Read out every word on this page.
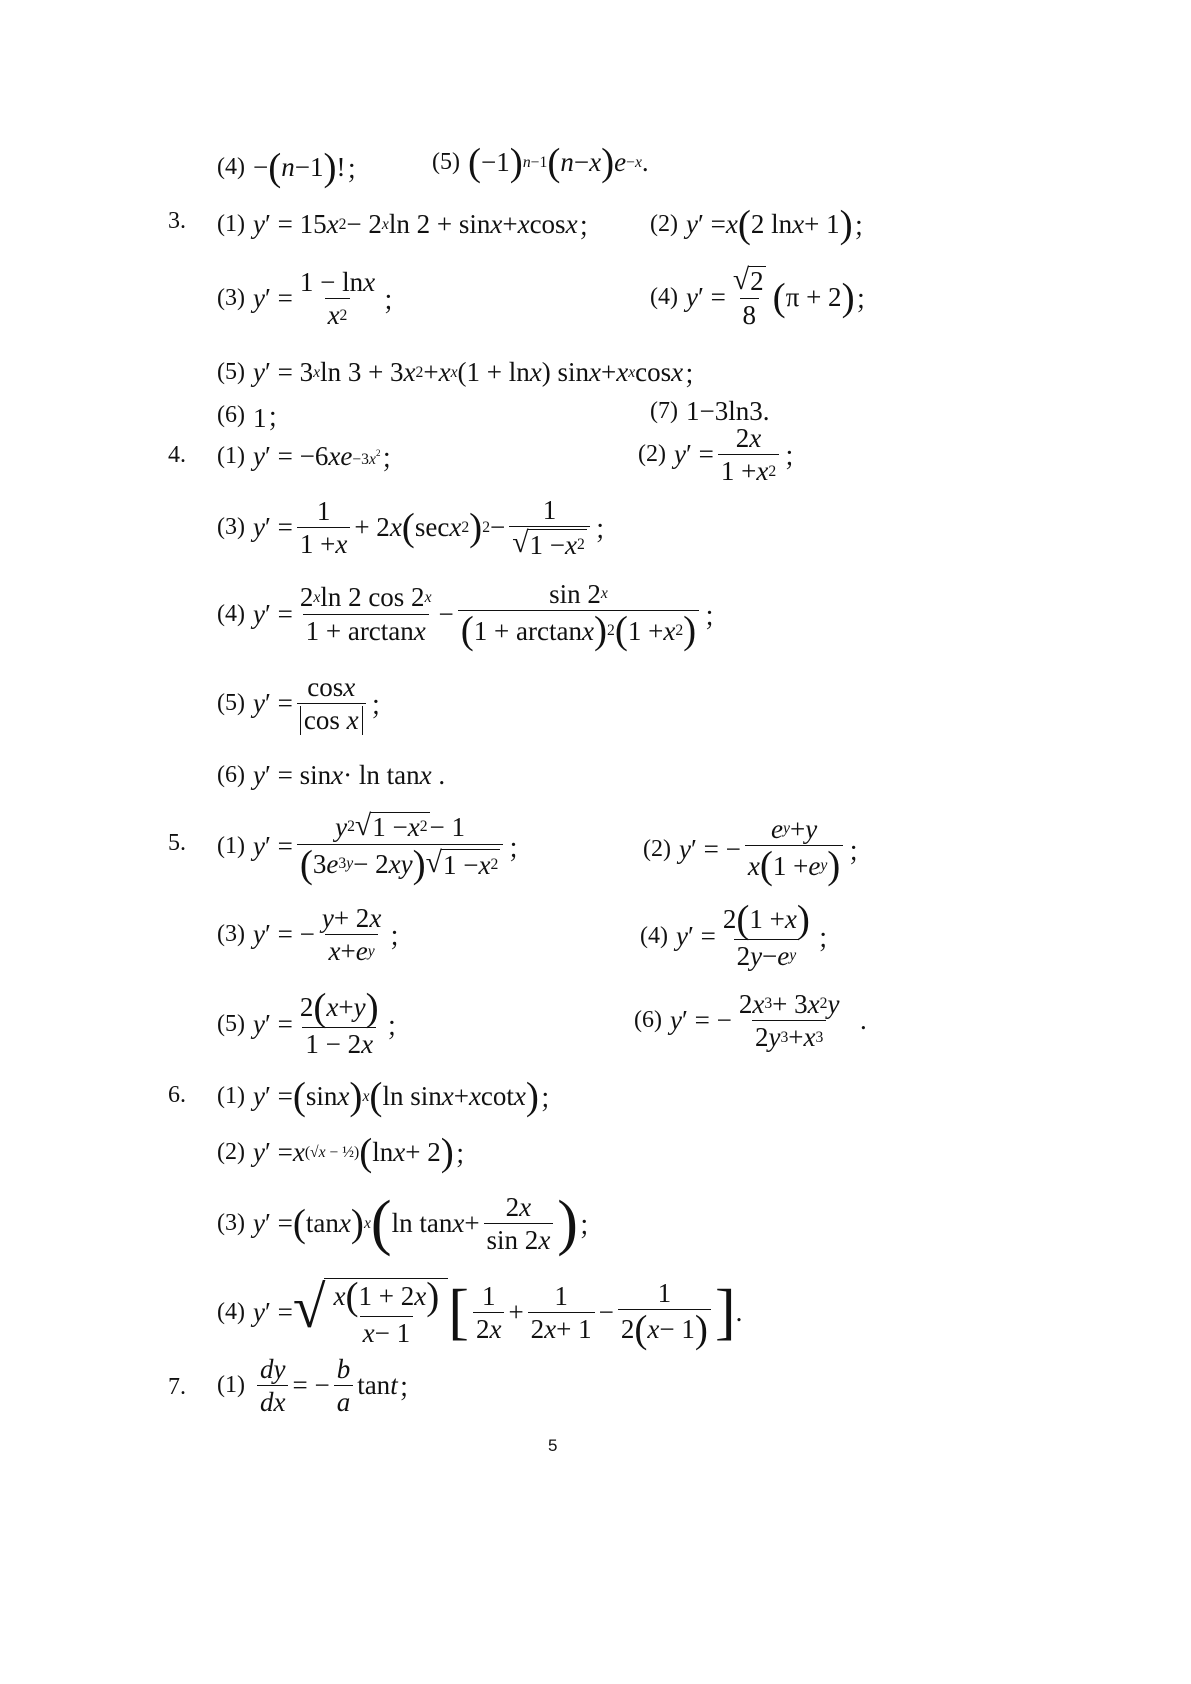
(4) − ( n −1 ) ! ； (5) ( −1 ) n−1 ( n − x ) e −x .
3. (1) y ′ = 15 x 2 − 2 x ln 2 + sin x + x cos x ； (2) y ′ = x ( 2 ln x + 1 ) ；
(3) y ′ = $\frac{\text{1 − ln x}}{x 2}$ ；	(4) y ′ = $\frac{√ 2}{8}$ ( π + 2 ) ；
(5) y ′ = 3 x ln 3 + 3 x 2 + x x (1 + ln x ) sin x + x x cos x ；
(6) 1；	(7) 1−3ln3.
4. (1) y ′ = −6 xe $-3x^2$ ；	(2) y ′ = $\frac{2 x}{1 + x 2}$ ；
(3) y ′ = $\frac{1}{1 + x} + 2$ x ( sec x 2 ) $2 - \frac{1}{√ 1 - x 2}$ ；
(4) y ′ = $\frac{\text{2 x ln 2 cos 2 x}}{\text{1 + arctan x}} - \frac{\sin 2 x}{\text{( 1 + arctan x ) 2 ( 1 + x 2 )}}$ ；
(5) y ′ = $\frac{\text{cos x}}{\text{cos x}}$ ；
(6) y ′ = sin x · ln tan x .
5. (1) y ′ = $\frac{y 2 √ 1 - x 2 - 1}{( 3 e 3y - 2 xy ) √ 1 - x 2}$ ；	(2) y ′ = − $\frac{\text{e y + y}}{\text{x ( 1 + e y )}}$ ；
(3) y ′ = − $\frac{y + 2 x}{\text{x + e y}}$ ；	(4) y ′ = $\frac{2 ( 1 + x )}{\text{2 y − e y}}$ ；
(5) y ′ = $\frac{2 ( x + y )}{1 - 2 x}$ ；	(6) y ′ = − $\frac{2 x 3 + 3 x 2 y}{2 y 3 + x 3}$ .
6. (1) y ′ = ( sin x ) x ( ln sin x + x cot x ) ；
(2) y ′ = x (√x − ½) ( ln x + 2 ) ；
(3) y ′ = ( tan x ) x ( $\ln \tan x + \frac{2 x}{\sin 2 x}$ ) ；
(4) y ′ = √ $\frac{x ( 1 + 2 x )}{x - 1}$ [ $\frac{1}{2 x} + \frac{1}{2 x + 1} - \frac{1}{2 ( x - 1 )}$ ] .
7. $(1) \frac{dy}{dx}$ = − $\frac{b}{a}$ tan t ；
5
